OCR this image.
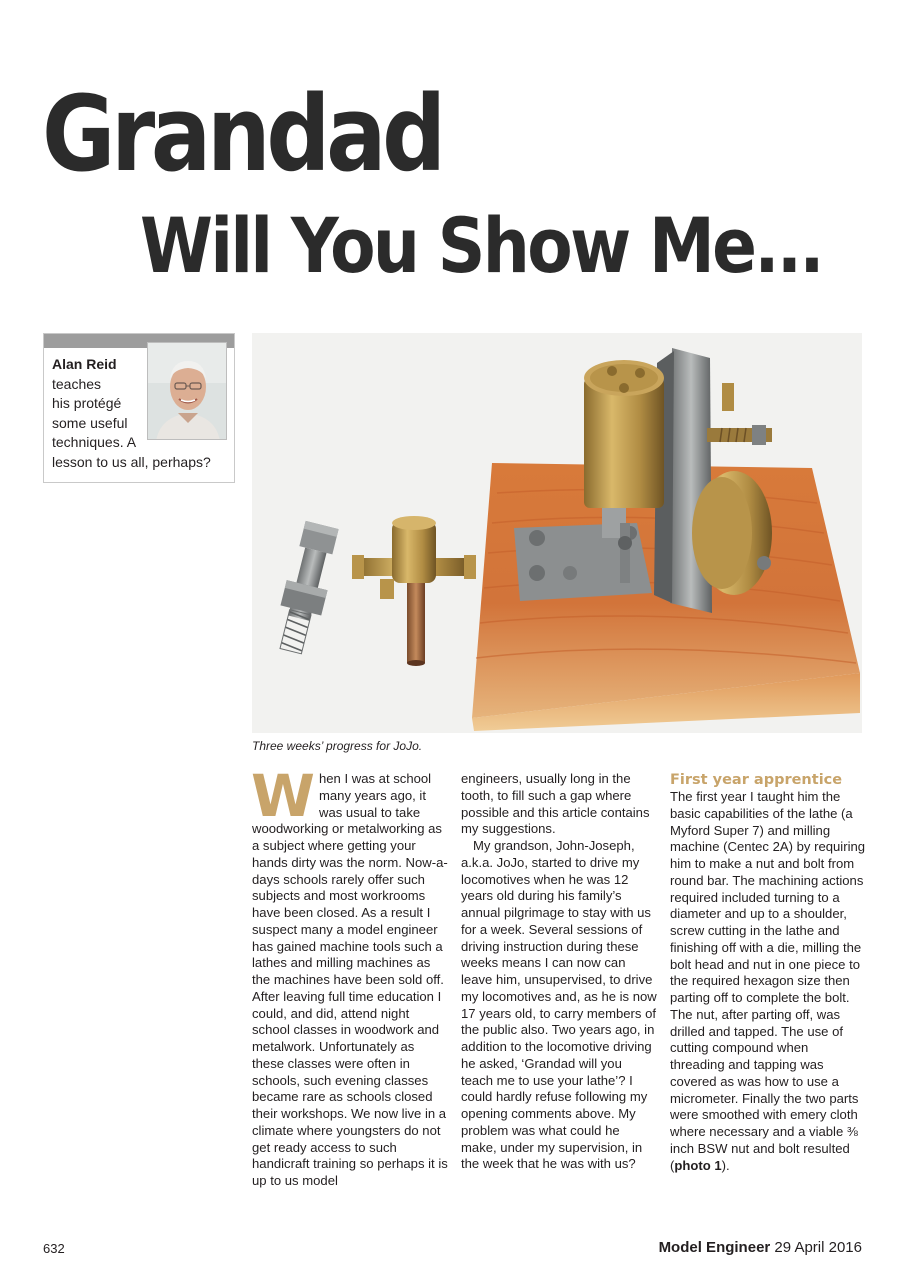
Grandad
Will You Show Me...
Alan Reid
teaches
his protégé
some useful
techniques. A
lesson to us all, perhaps?
Three weeks’ progress for JoJo.

When I was at school many years ago, it was usual to take woodworking or metalworking as a subject where getting your hands dirty was the norm. Now-a-days schools rarely offer such subjects and most workrooms have been closed. As a result I suspect many a model engineer has gained machine tools such a lathes and milling machines as the machines have been sold off. After leaving full time education I could, and did, attend night school classes in woodwork and metalwork. Unfortunately as these classes were often in schools, such evening classes became rare as schools closed their workshops. We now live in a climate where youngsters do not get ready access to such handicraft training so perhaps it is up to us model

engineers, usually long in the tooth, to fill such a gap where possible and this article contains my suggestions.

My grandson, John-Joseph, a.k.a. JoJo, started to drive my locomotives when he was 12 years old during his family’s annual pilgrimage to stay with us for a week. Several sessions of driving instruction during these weeks means I can now can leave him, unsupervised, to drive my locomotives and, as he is now 17 years old, to carry members of the public also. Two years ago, in addition to the locomotive driving he asked, ‘Grandad will you teach me to use your lathe’? I could hardly refuse following my opening comments above. My problem was what could he make, under my supervision, in the week that he was with us?

First year apprentice

The first year I taught him the basic capabilities of the lathe (a Myford Super 7) and milling machine (Centec 2A) by requiring him to make a nut and bolt from round bar. The machining actions required included turning to a diameter and up to a shoulder, screw cutting in the lathe and finishing off with a die, milling the bolt head and nut in one piece to the required hexagon size then parting off to complete the bolt. The nut, after parting off, was drilled and tapped. The use of cutting compound when threading and tapping was covered as was how to use a micrometer. Finally the two parts were smoothed with emery cloth where necessary and a viable ⅜ inch BSW nut and bolt resulted (photo 1).

632	Model Engineer 29 April 2016
